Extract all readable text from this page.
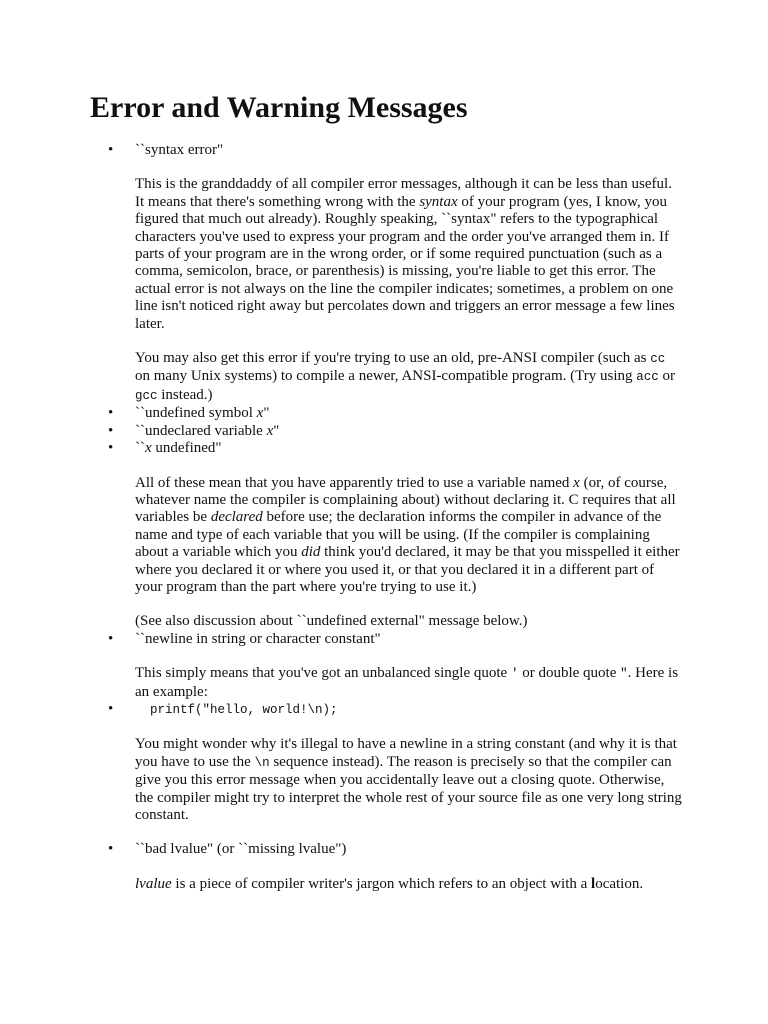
Error and Warning Messages
• ``syntax error"
This is the granddaddy of all compiler error messages, although it can be less than useful. It means that there's something wrong with the syntax of your program (yes, I know, you figured that much out already). Roughly speaking, ``syntax" refers to the typographical characters you've used to express your program and the order you've arranged them in. If parts of your program are in the wrong order, or if some required punctuation (such as a comma, semicolon, brace, or parenthesis) is missing, you're liable to get this error. The actual error is not always on the line the compiler indicates; sometimes, a problem on one line isn't noticed right away but percolates down and triggers an error message a few lines later.
You may also get this error if you're trying to use an old, pre-ANSI compiler (such as cc on many Unix systems) to compile a newer, ANSI-compatible program. (Try using acc or gcc instead.)
• ``undefined symbol x"
• ``undeclared variable x"
• ``x undefined"
All of these mean that you have apparently tried to use a variable named x (or, of course, whatever name the compiler is complaining about) without declaring it. C requires that all variables be declared before use; the declaration informs the compiler in advance of the name and type of each variable that you will be using. (If the compiler is complaining about a variable which you did think you'd declared, it may be that you misspelled it either where you declared it or where you used it, or that you declared it in a different part of your program than the part where you're trying to use it.)
(See also discussion about ``undefined external" message below.)
• ``newline in string or character constant"
This simply means that you've got an unbalanced single quote ' or double quote ". Here is an example:
• printf("hello, world!\n);
You might wonder why it's illegal to have a newline in a string constant (and why it is that you have to use the \n sequence instead). The reason is precisely so that the compiler can give you this error message when you accidentally leave out a closing quote. Otherwise, the compiler might try to interpret the whole rest of your source file as one very long string constant.
• ``bad lvalue" (or ``missing lvalue")
lvalue is a piece of compiler writer's jargon which refers to an object with a location.
